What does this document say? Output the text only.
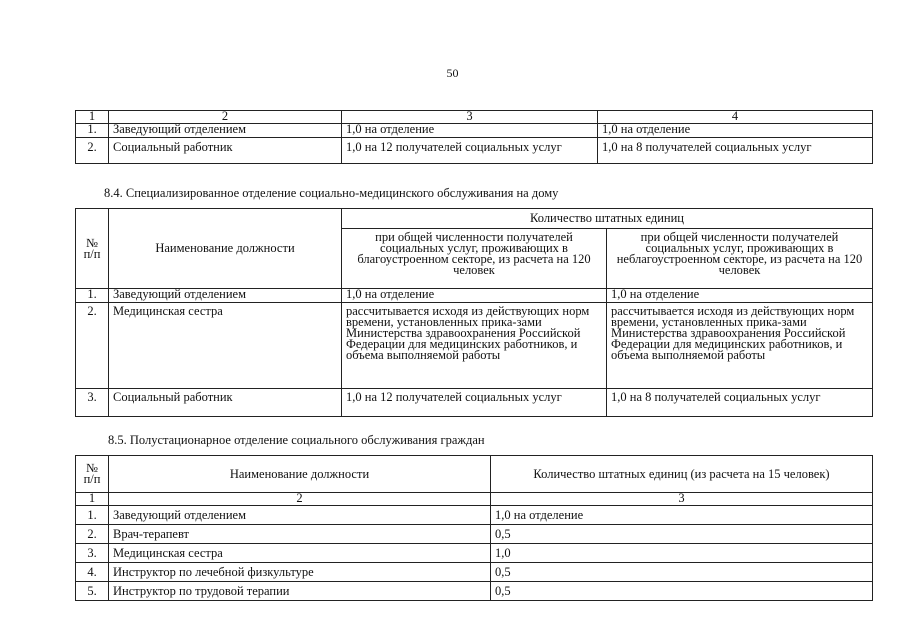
50
1	2	3	4
1.	Заведующий отделением	1,0 на отделение	1,0 на отделение
2.	Социальный работник	1,0 на 12 получателей социальных услуг	1,0 на 8 получателей социальных услуг
8.4. Специализированное отделение социально-медицинского обслуживания на дому
№ п/п	Наименование должности	Количество штатных единиц	
		при общей численности получателей социальных услуг, проживающих в благоустроенном секторе, из расчета на 120 человек	при общей численности получателей социальных услуг, проживающих в неблагоустроенном секторе, из расчета на 120 человек
1.	Заведующий отделением	1,0 на отделение	1,0 на отделение
2.	Медицинская сестра	рассчитывается исходя из действующих норм времени, установленных прика-зами Министерства здравоохранения Российской Федерации для медицинских работников, и объема выполняемой работы	рассчитывается исходя из действующих норм времени, установленных прика-зами Министерства здравоохранения Российской Федерации для медицинских работников, и объема выполняемой работы
3.	Социальный работник	1,0 на 12 получателей социальных услуг	1,0 на 8 получателей социальных услуг
8.5. Полустационарное отделение социального обслуживания граждан
№ п/п	Наименование должности	Количество штатных единиц (из расчета на 15 человек)
1	2	3
1.	Заведующий отделением	1,0 на отделение
2.	Врач-терапевт	0,5
3.	Медицинская сестра	1,0
4.	Инструктор по лечебной физкультуре	0,5
5.	Инструктор по трудовой терапии	0,5
